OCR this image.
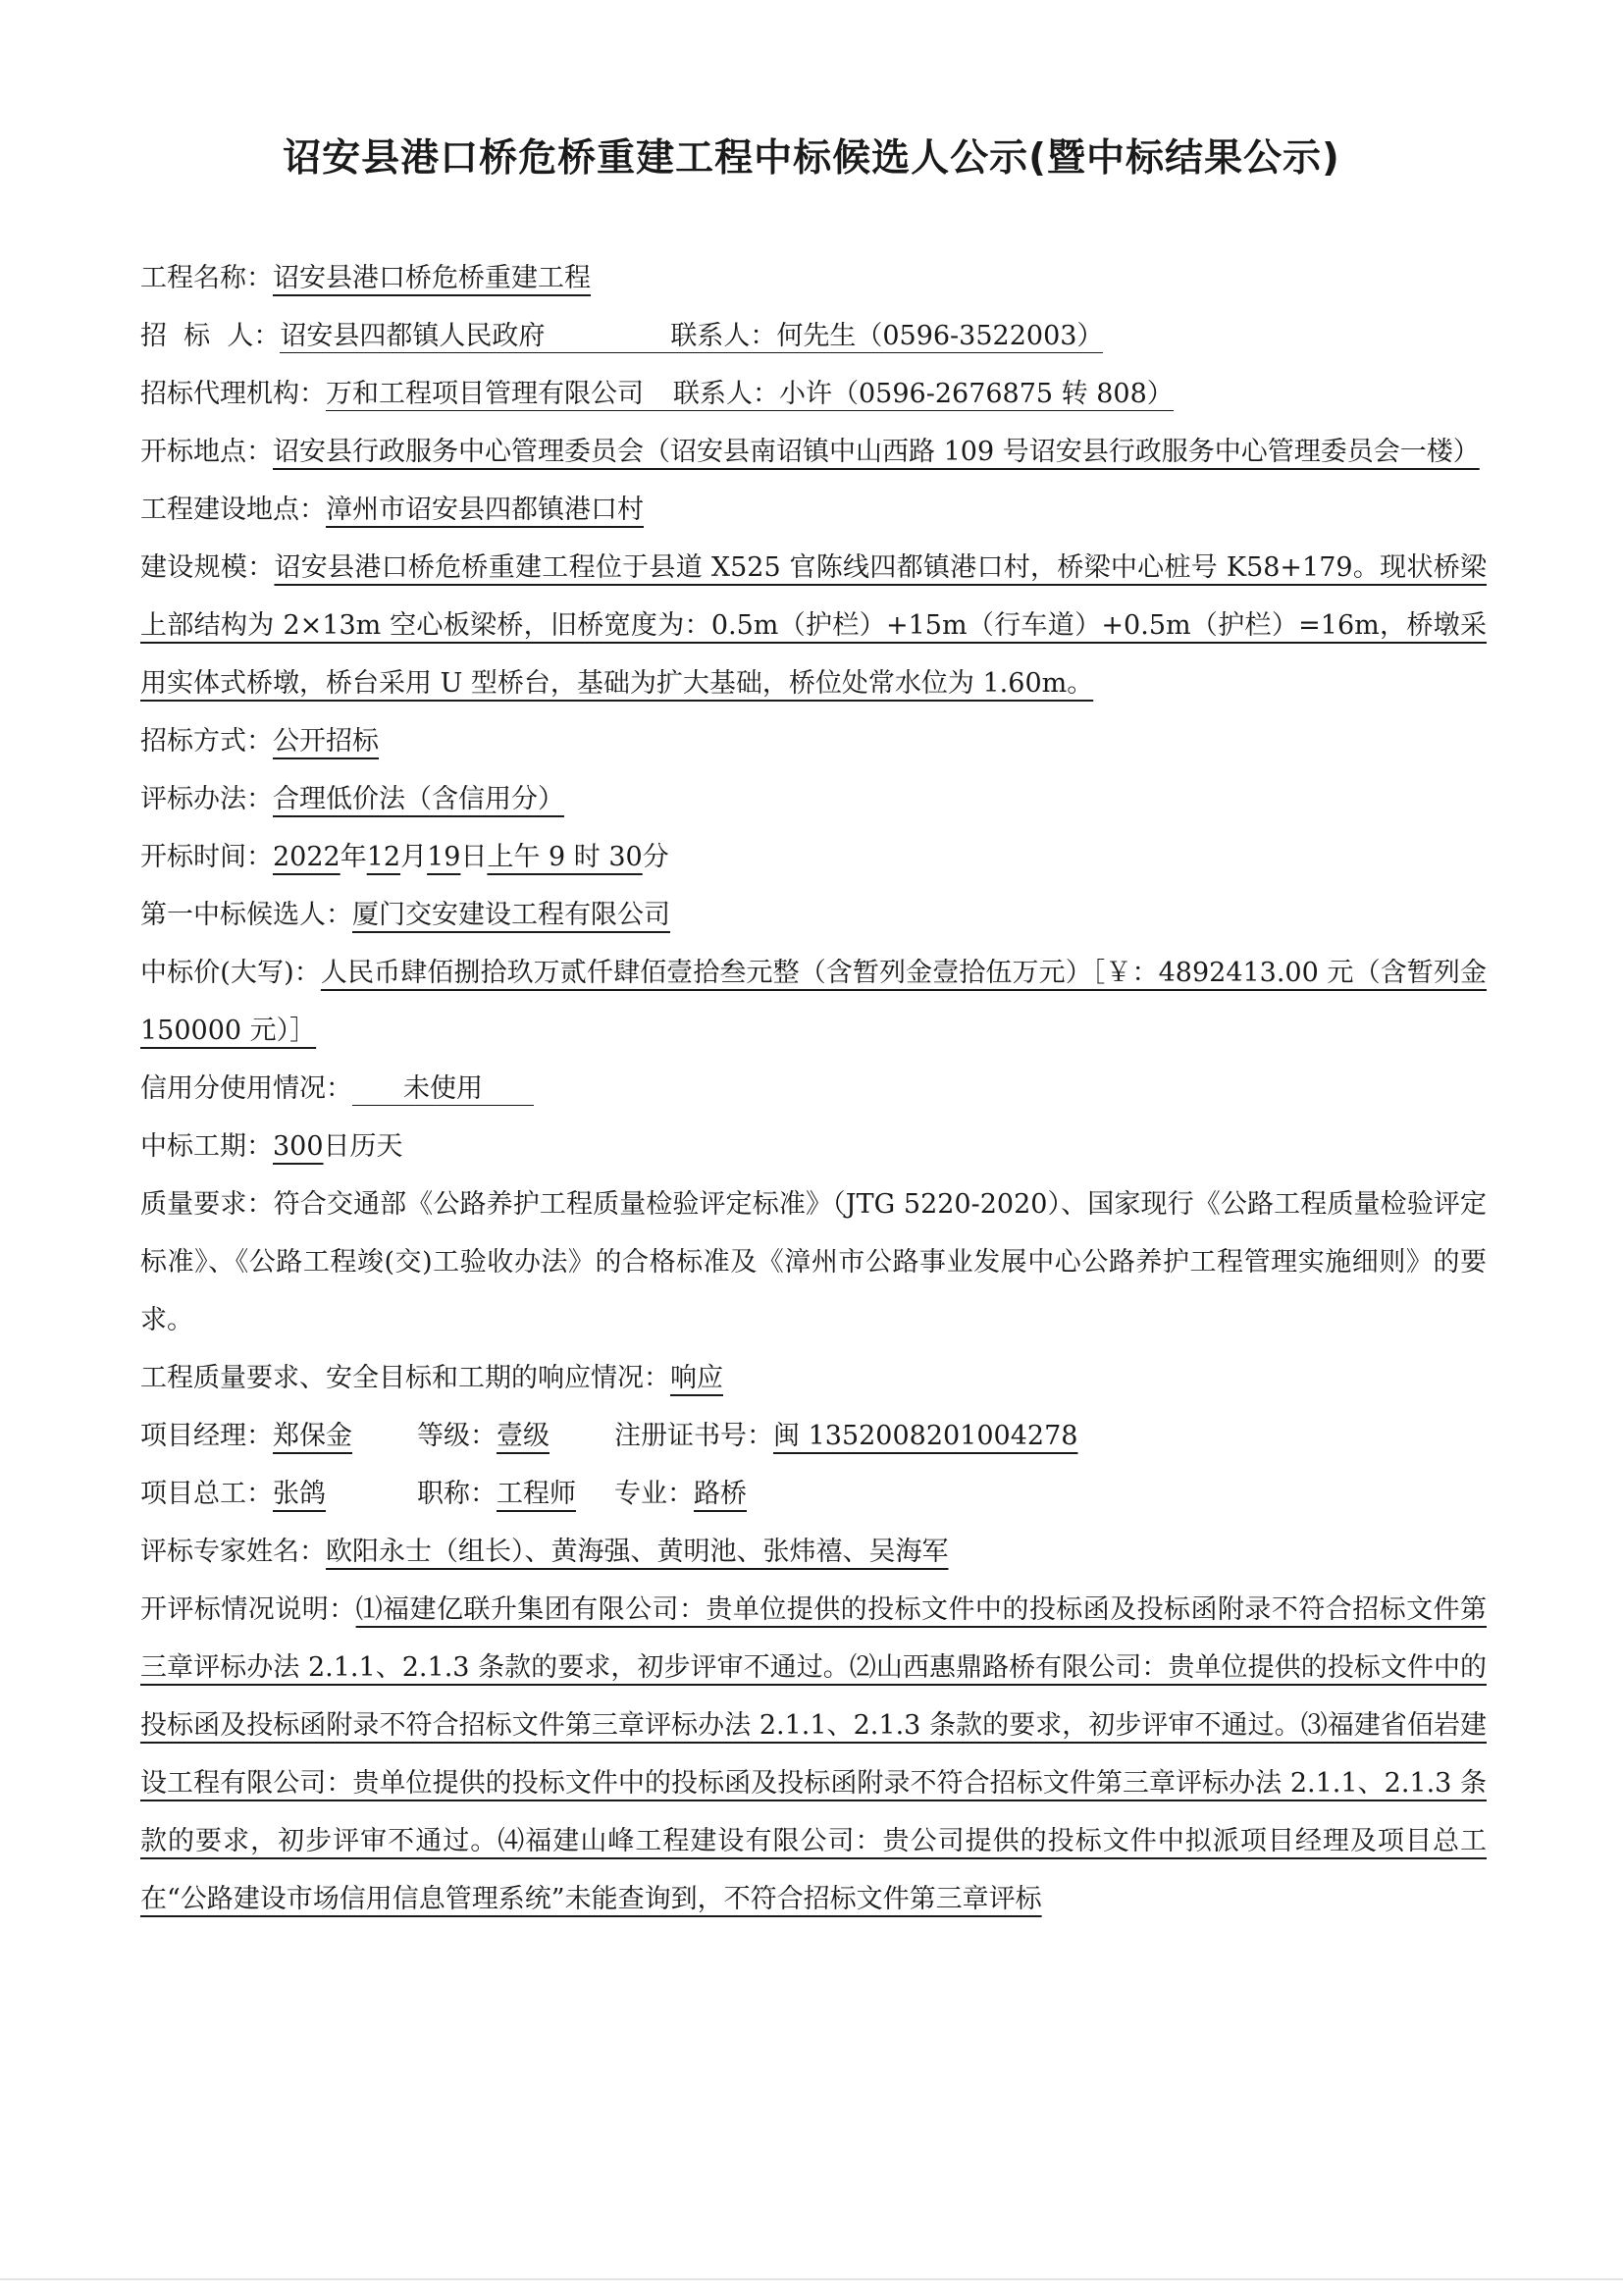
诏安县港口桥危桥重建工程中标候选人公示(暨中标结果公示)
工程名称：诏安县港口桥危桥重建工程
招  标  人：诏安县四都镇人民政府	联系人：何先生（0596-3522003）
招标代理机构：万和工程项目管理有限公司 联系人：小许（0596-2676875 转 808）
开标地点：诏安县行政服务中心管理委员会（诏安县南诏镇中山西路 109 号诏安县行政服务中心管理委员会一楼）
工程建设地点：漳州市诏安县四都镇港口村
建设规模：诏安县港口桥危桥重建工程位于县道 X525 官陈线四都镇港口村，桥梁中心桩号 K58+179。现状桥梁上部结构为 2×13m 空心板梁桥，旧桥宽度为：0.5m（护栏）+15m（行车道）+0.5m（护栏）=16m，桥墩采用实体式桥墩，桥台采用 U 型桥台，基础为扩大基础，桥位处常水位为 1.60m。
招标方式：公开招标
评标办法：合理低价法（含信用分）
开标时间：2022年12月19日上午 9 时 30分
第一中标候选人：厦门交安建设工程有限公司
中标价(大写)：人民币肆佰捌拾玖万贰仟肆佰壹拾叁元整（含暂列金壹拾伍万元）［￥：4892413.00 元（含暂列金 150000 元）］
信用分使用情况： 未使用
中标工期：300日历天
质量要求：符合交通部《公路养护工程质量检验评定标准》（JTG 5220-2020）、国家现行《公路工程质量检验评定标准》、《公路工程竣(交)工验收办法》的合格标准及《漳州市公路事业发展中心公路养护工程管理实施细则》的要求。
工程质量要求、安全目标和工期的响应情况：响应
项目经理：郑保金 等级：壹级 注册证书号：闽 1352008201004278
项目总工：张鸽	职称：工程师 专业：路桥
评标专家姓名：欧阳永士（组长）、黄海强、黄明池、张炜禧、吴海军
开评标情况说明：⑴福建亿联升集团有限公司：贵单位提供的投标文件中的投标函及投标函附录不符合招标文件第三章评标办法 2.1.1、2.1.3 条款的要求，初步评审不通过。⑵山西惠鼎路桥有限公司：贵单位提供的投标文件中的投标函及投标函附录不符合招标文件第三章评标办法 2.1.1、2.1.3 条款的要求，初步评审不通过。⑶福建省佰岩建设工程有限公司：贵单位提供的投标文件中的投标函及投标函附录不符合招标文件第三章评标办法 2.1.1、2.1.3 条款的要求，初步评审不通过。⑷福建山峰工程建设有限公司：贵公司提供的投标文件中拟派项目经理及项目总工在“公路建设市场信用信息管理系统”未能查询到，不符合招标文件第三章评标
